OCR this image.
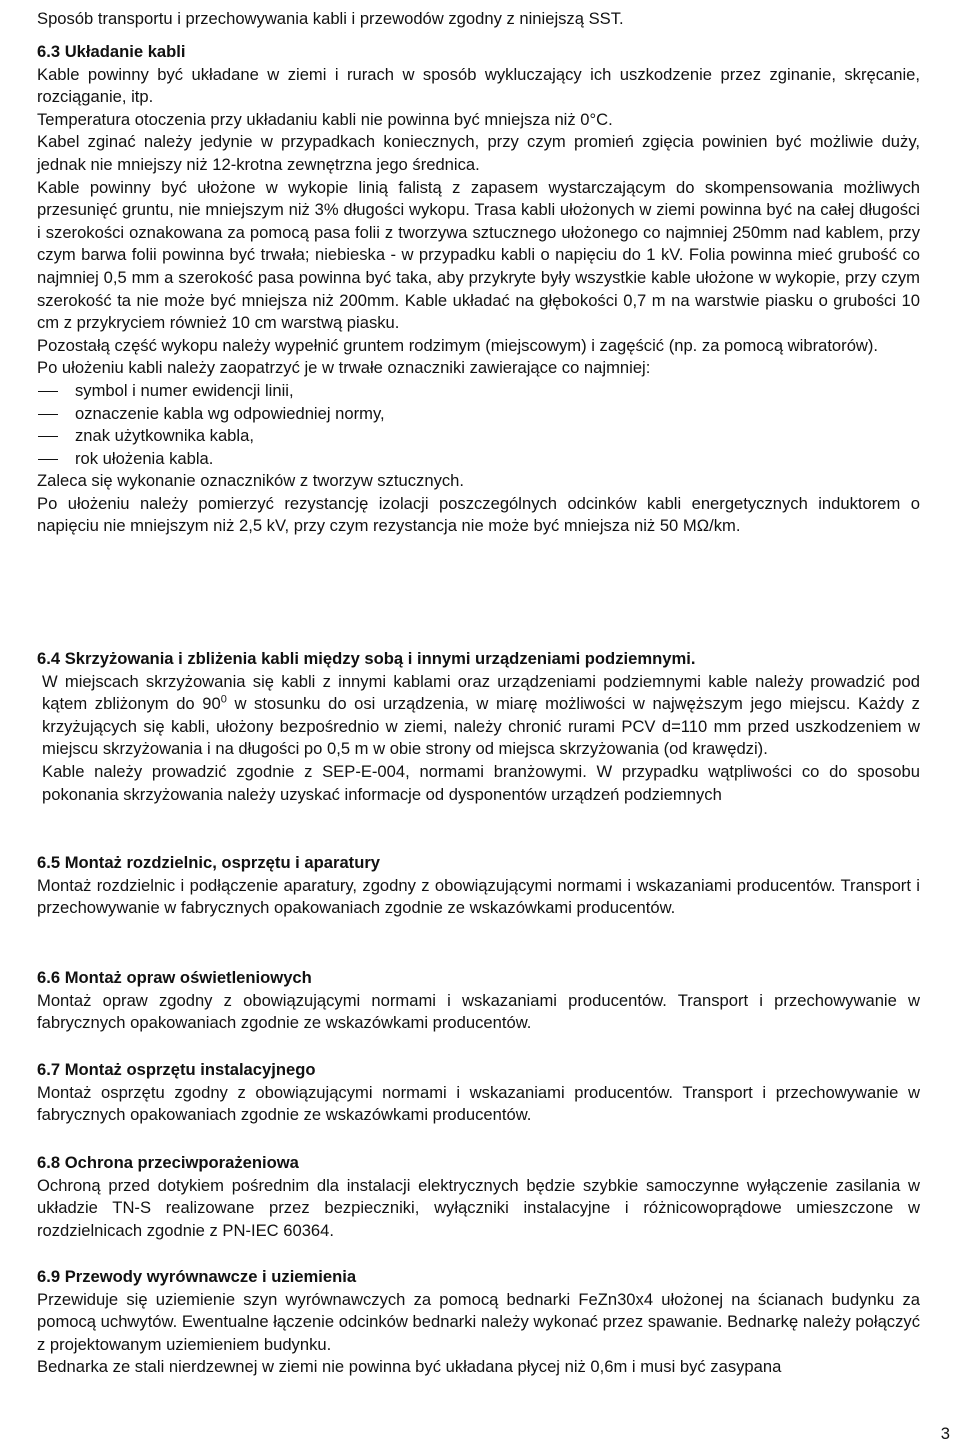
Sposób transportu i przechowywania kabli i przewodów zgodny z niniejszą SST.
6.3 Układanie kabli

Kable powinny być układane w ziemi i rurach w sposób wykluczający ich uszkodzenie przez zginanie, skręcanie, rozciąganie, itp.

Temperatura otoczenia przy układaniu kabli nie powinna być mniejsza niż 0°C.

Kabel zginać należy jedynie w przypadkach koniecznych, przy czym promień zgięcia powinien być możliwie duży, jednak nie mniejszy niż 12-krotna zewnętrzna jego średnica.

Kable powinny być ułożone w wykopie linią falistą z zapasem wystarczającym do skompensowania możliwych przesunięć gruntu, nie mniejszym niż 3% długości wykopu. Trasa kabli ułożonych w ziemi powinna być na całej długości i szerokości oznakowana za pomocą pasa folii z tworzywa sztucznego ułożonego co najmniej 250mm nad kablem, przy czym barwa folii powinna być trwała; niebieska - w przypadku kabli o napięciu do 1 kV. Folia powinna mieć grubość co najmniej 0,5 mm a szerokość pasa powinna być taka, aby przykryte były wszystkie kable ułożone w wykopie, przy czym szerokość ta nie może być mniejsza niż 200mm. Kable układać na głębokości 0,7 m na warstwie piasku o grubości 10 cm z przykryciem również 10 cm warstwą piasku.

Pozostałą część wykopu należy wypełnić gruntem rodzimym (miejscowym) i zagęścić (np. za pomocą wibratorów).

Po ułożeniu kabli należy zaopatrzyć je w trwałe oznaczniki zawierające co najmniej:

symbol i numer ewidencji linii,
oznaczenie kabla wg odpowiedniej normy,
znak użytkownika kabla,
rok ułożenia kabla.

Zaleca się wykonanie oznaczników z tworzyw sztucznych.

Po ułożeniu należy pomierzyć rezystancję izolacji poszczególnych odcinków kabli energetycznych induktorem o napięciu nie mniejszym niż 2,5 kV, przy czym rezystancja nie może być mniejsza niż 50 MΩ/km.

6.4 Skrzyżowania i zbliżenia kabli między sobą i innymi urządzeniami podziemnymi.

W miejscach skrzyżowania się kabli z innymi kablami oraz urządzeniami podziemnymi kable należy prowadzić pod kątem zbliżonym do $90^0$ w stosunku do osi urządzenia, w miarę możliwości w najwęższym jego miejscu. Każdy z krzyżujących się kabli, ułożony bezpośrednio w ziemi, należy chronić rurami PCV d=110 mm przed uszkodzeniem w miejscu skrzyżowania i na długości po 0,5 m w obie strony od miejsca skrzyżowania (od krawędzi).

Kable należy prowadzić zgodnie z SEP-E-004, normami branżowymi. W przypadku wątpliwości co do sposobu pokonania skrzyżowania należy uzyskać informacje od dysponentów urządzeń podziemnych

6.5 Montaż rozdzielnic, osprzętu i aparatury

Montaż rozdzielnic i podłączenie aparatury, zgodny z obowiązującymi normami i wskazaniami producentów. Transport i przechowywanie w fabrycznych opakowaniach zgodnie ze wskazówkami producentów.

6.6 Montaż opraw oświetleniowych

Montaż opraw zgodny z obowiązującymi normami i wskazaniami producentów. Transport i przechowywanie w fabrycznych opakowaniach zgodnie ze wskazówkami producentów.

6.7 Montaż osprzętu instalacyjnego

Montaż osprzętu zgodny z obowiązującymi normami i wskazaniami producentów. Transport i przechowywanie w fabrycznych opakowaniach zgodnie ze wskazówkami producentów.

6.8 Ochrona przeciwporażeniowa

Ochroną przed dotykiem pośrednim dla instalacji elektrycznych będzie szybkie samoczynne wyłączenie zasilania w układzie TN-S realizowane przez bezpieczniki, wyłączniki instalacyjne i różnicowoprądowe umieszczone w rozdzielnicach zgodnie z PN-IEC 60364.

6.9 Przewody wyrównawcze i uziemienia

Przewiduje się uziemienie szyn wyrównawczych za pomocą bednarki FeZn30x4 ułożonej na ścianach budynku za pomocą uchwytów. Ewentualne łączenie odcinków bednarki należy wykonać przez spawanie. Bednarkę należy połączyć z projektowanym uziemieniem budynku.

Bednarka ze stali nierdzewnej w ziemi nie powinna być układana płycej niż 0,6m i musi być zasypana

3
